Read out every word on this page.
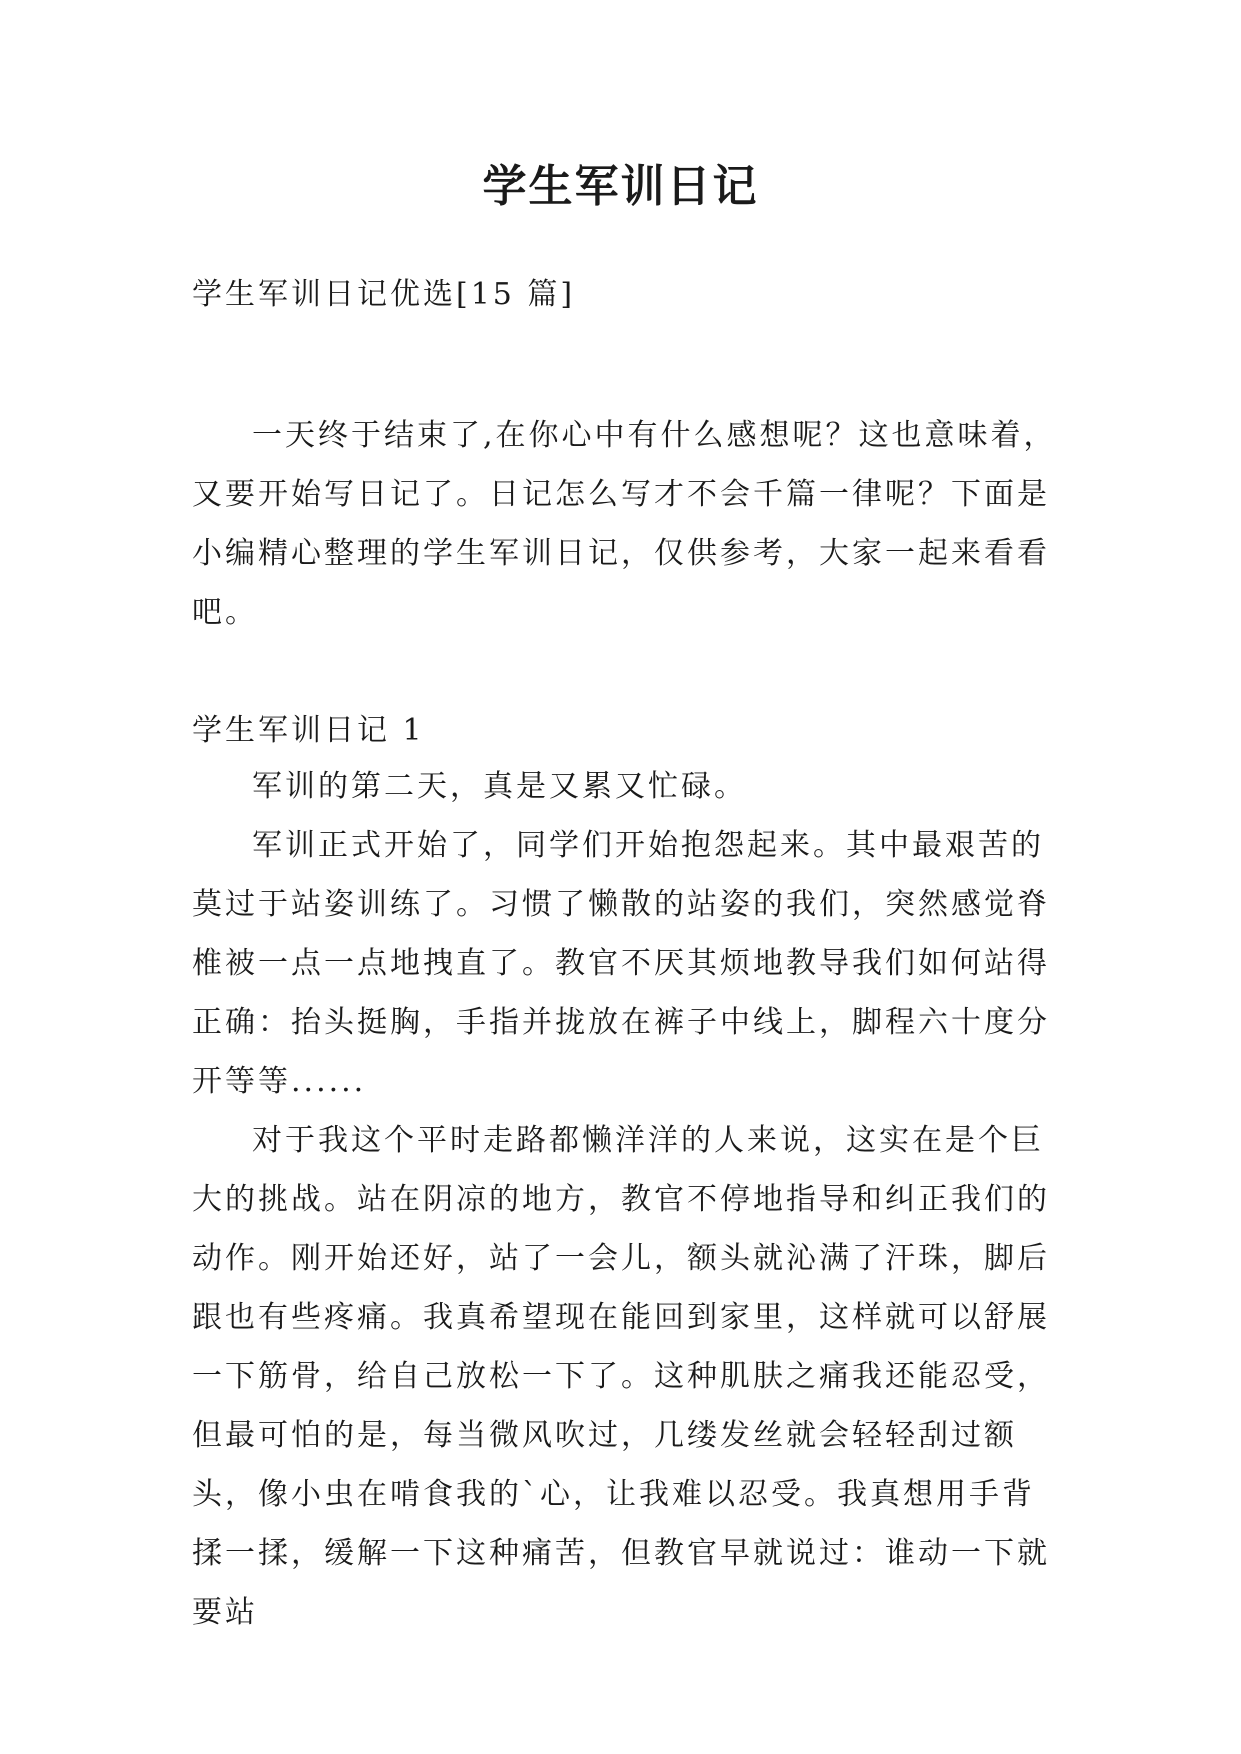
学生军训日记

学生军训日记优选[15 篇]

一天终于结束了,在你心中有什么感想呢？这也意味着，又要开始写日记了。日记怎么写才不会千篇一律呢？下面是小编精心整理的学生军训日记，仅供参考，大家一起来看看吧。

学生军训日记 1

军训的第二天，真是又累又忙碌。

军训正式开始了，同学们开始抱怨起来。其中最艰苦的莫过于站姿训练了。习惯了懒散的站姿的我们，突然感觉脊椎被一点一点地拽直了。教官不厌其烦地教导我们如何站得正确：抬头挺胸，手指并拢放在裤子中线上，脚程六十度分开等等......

对于我这个平时走路都懒洋洋的人来说，这实在是个巨大的挑战。站在阴凉的地方，教官不停地指导和纠正我们的动作。刚开始还好，站了一会儿，额头就沁满了汗珠，脚后跟也有些疼痛。我真希望现在能回到家里，这样就可以舒展一下筋骨，给自己放松一下了。这种肌肤之痛我还能忍受，但最可怕的是，每当微风吹过，几缕发丝就会轻轻刮过额头，像小虫在啃食我的`心，让我难以忍受。我真想用手背揉一揉，缓解一下这种痛苦，但教官早就说过：谁动一下就要站
